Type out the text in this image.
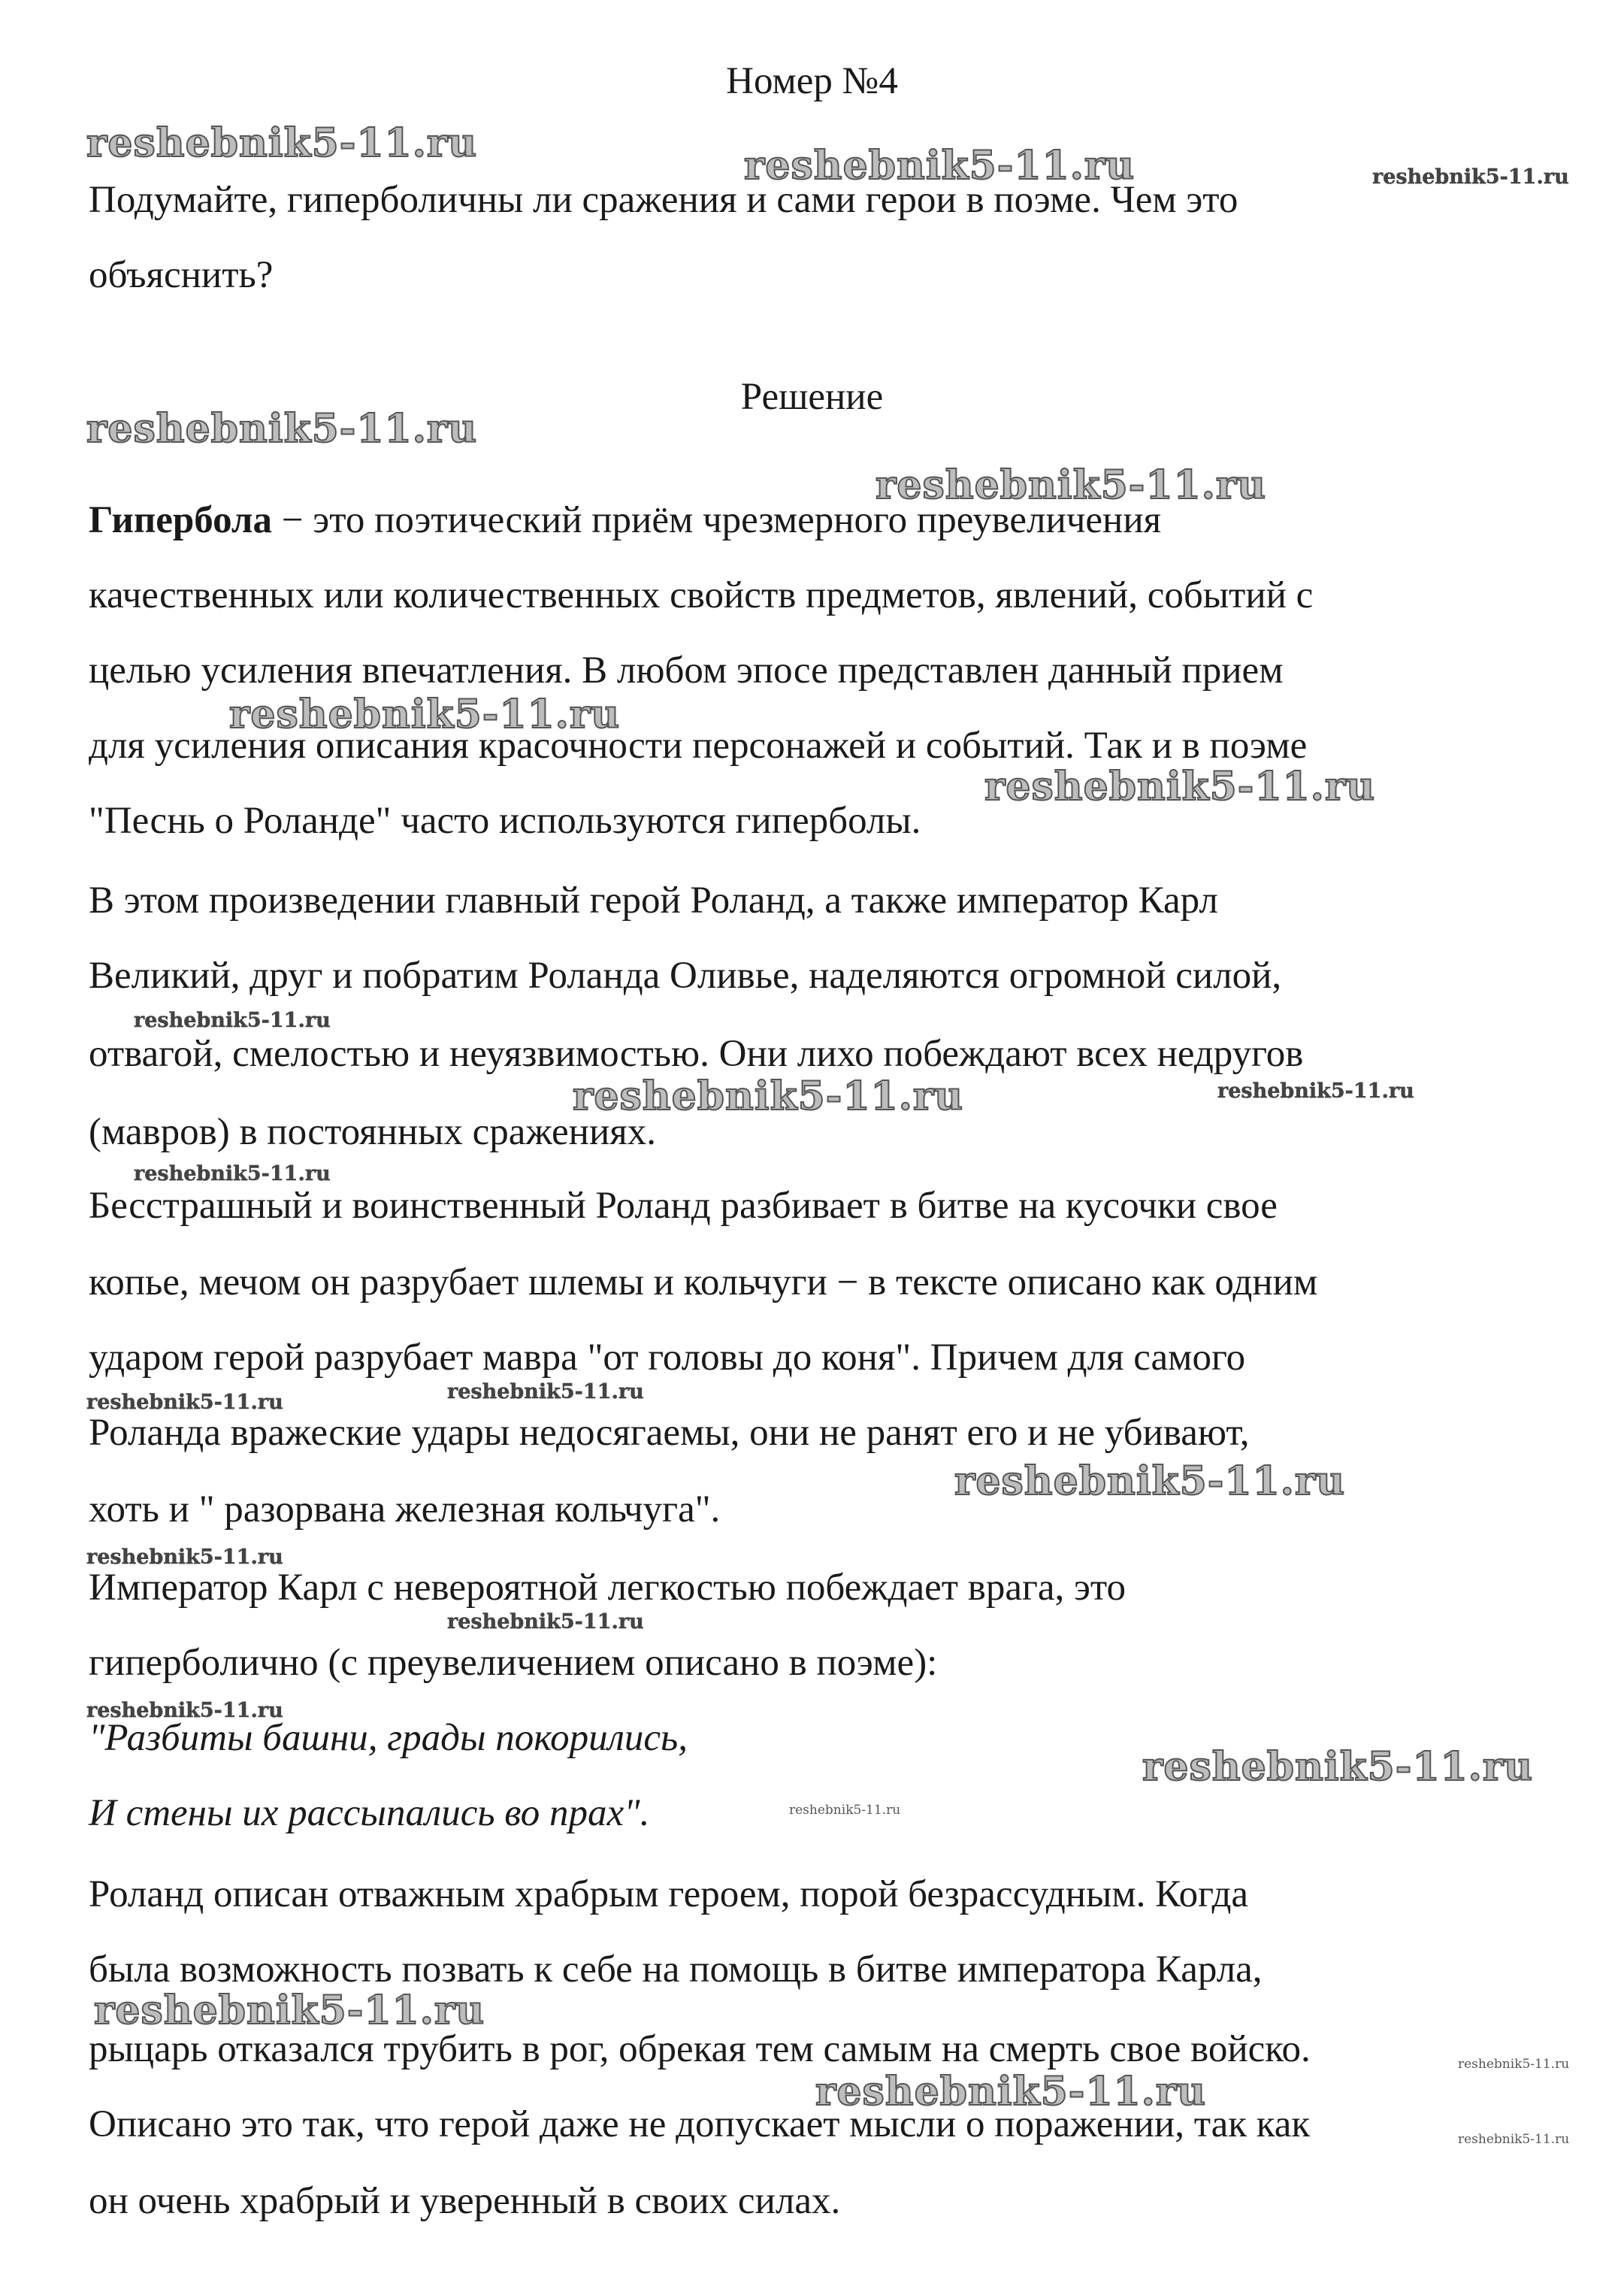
Номер №4
Подумайте, гиперболичны ли сражения и сами герои в поэме. Чем это
объяснить?
Решение
Гипербола − это поэтический приём чрезмерного преувеличения
качественных или количественных свойств предметов, явлений, событий с
целью усиления впечатления. В любом эпосе представлен данный прием
для усиления описания красочности персонажей и событий. Так и в поэме
"Песнь о Роланде" часто используются гиперболы.
В этом произведении главный герой Роланд, а также император Карл
Великий, друг и побратим Роланда Оливье, наделяются огромной силой,
отвагой, смелостью и неуязвимостью. Они лихо побеждают всех недругов
(мавров) в постоянных сражениях.
Бесстрашный и воинственный Роланд разбивает в битве на кусочки свое
копье, мечом он разрубает шлемы и кольчуги − в тексте описано как одним
ударом герой разрубает мавра "от головы до коня". Причем для самого
Роланда вражеские удары недосягаемы, они не ранят его и не убивают,
хоть и " разорвана железная кольчуга".
Император Карл с невероятной легкостью побеждает врага, это
гиперболично (с преувеличением описано в поэме):
"Разбиты башни, грады покорились,
И стены их рассыпались во прах".
Роланд описан отважным храбрым героем, порой безрассудным. Когда
была возможность позвать к себе на помощь в битве императора Карла,
рыцарь отказался трубить в рог, обрекая тем самым на смерть свое войско.
Описано это так, что герой даже не допускает мысли о поражении, так как
он очень храбрый и уверенный в своих силах.
reshebnik5-11.ru	reshebnik5-11.ru	reshebnik5-11.ru
reshebnik5-11.ru
reshebnik5-11.ru
reshebnik5-11.ru
reshebnik5-11.ru
reshebnik5-11.ru
reshebnik5-11.ru	reshebnik5-11.ru
reshebnik5-11.ru
reshebnik5-11.ru	reshebnik5-11.ru
reshebnik5-11.ru
reshebnik5-11.ru
reshebnik5-11.ru
reshebnik5-11.ru
reshebnik5-11.ru
reshebnik5-11.ru
reshebnik5-11.ru
reshebnik5-11.ru
reshebnik5-11.ru
reshebnik5-11.ru
